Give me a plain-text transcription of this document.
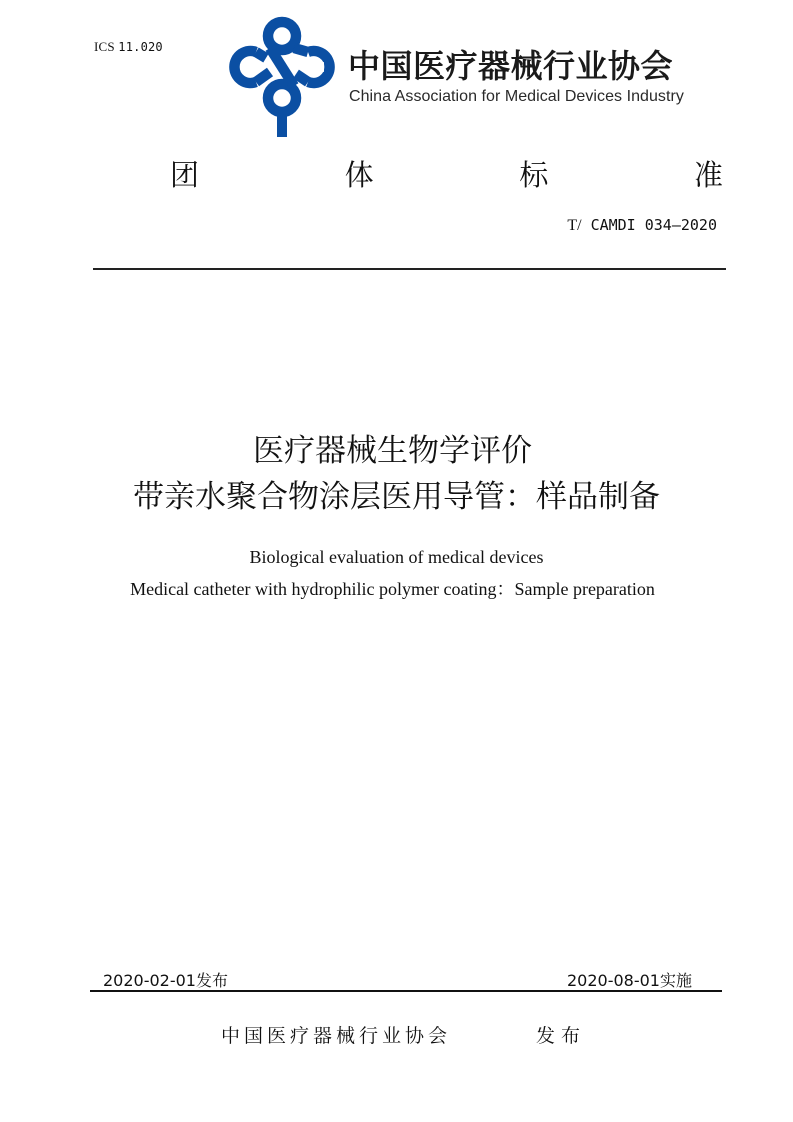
ICS 11.020	中国医疗器械行业协会
China Association for Medical Devices Industry
团	体	标	准
T/ CAMDI 034—2020
医疗器械生物学评价
带亲水聚合物涂层医用导管：样品制备
Biological evaluation of medical devices
Medical catheter with hydrophilic polymer coating：Sample preparation
2020-02-01发布	2020-08-01实施
中国医疗器械行业协会	发布
